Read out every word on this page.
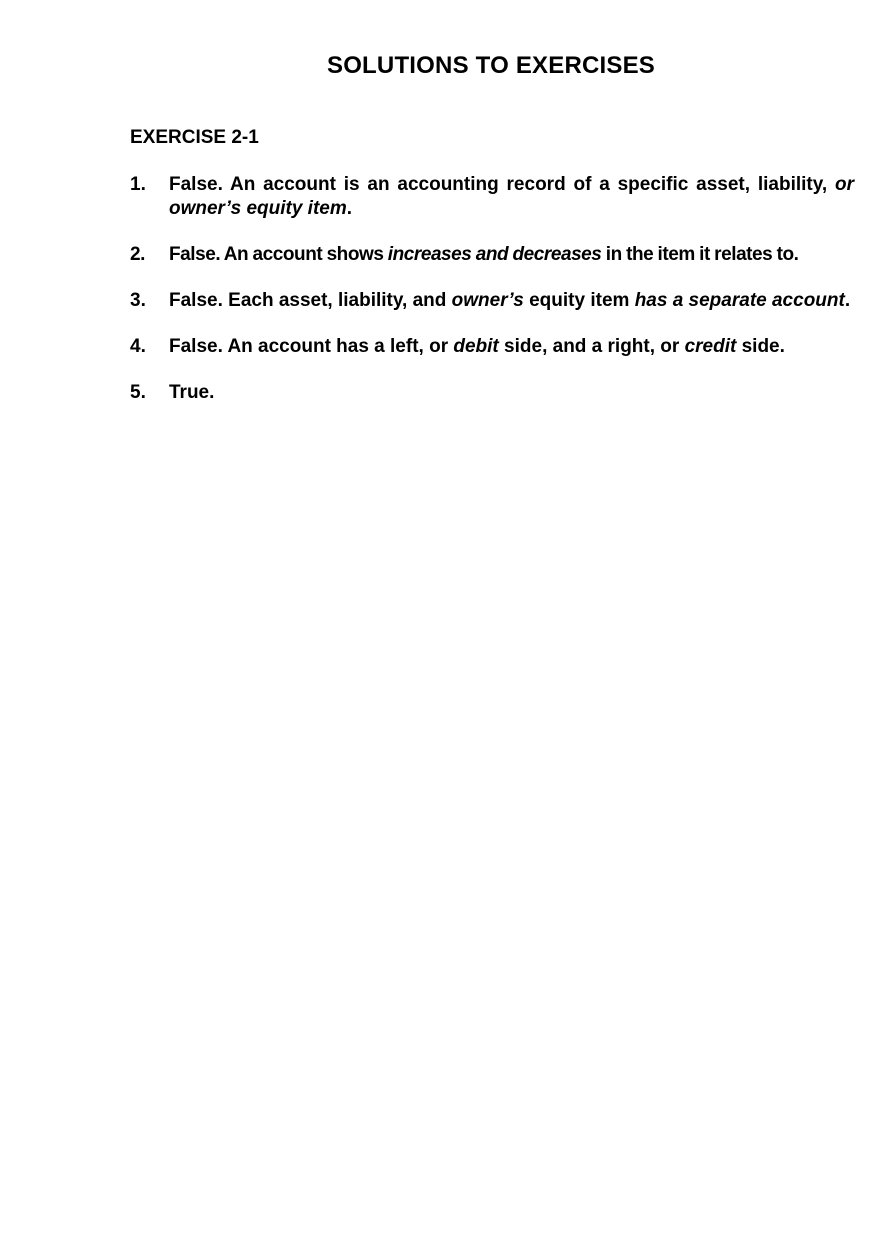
SOLUTIONS TO EXERCISES
EXERCISE 2-1
1. False. An account is an accounting record of a specific asset, liability, or owner’s equity item.
2. False. An account shows increases and decreases in the item it relates to.
3. False. Each asset, liability, and owner’s equity item has a separate account.
4. False. An account has a left, or debit side, and a right, or credit side.
5. True.
